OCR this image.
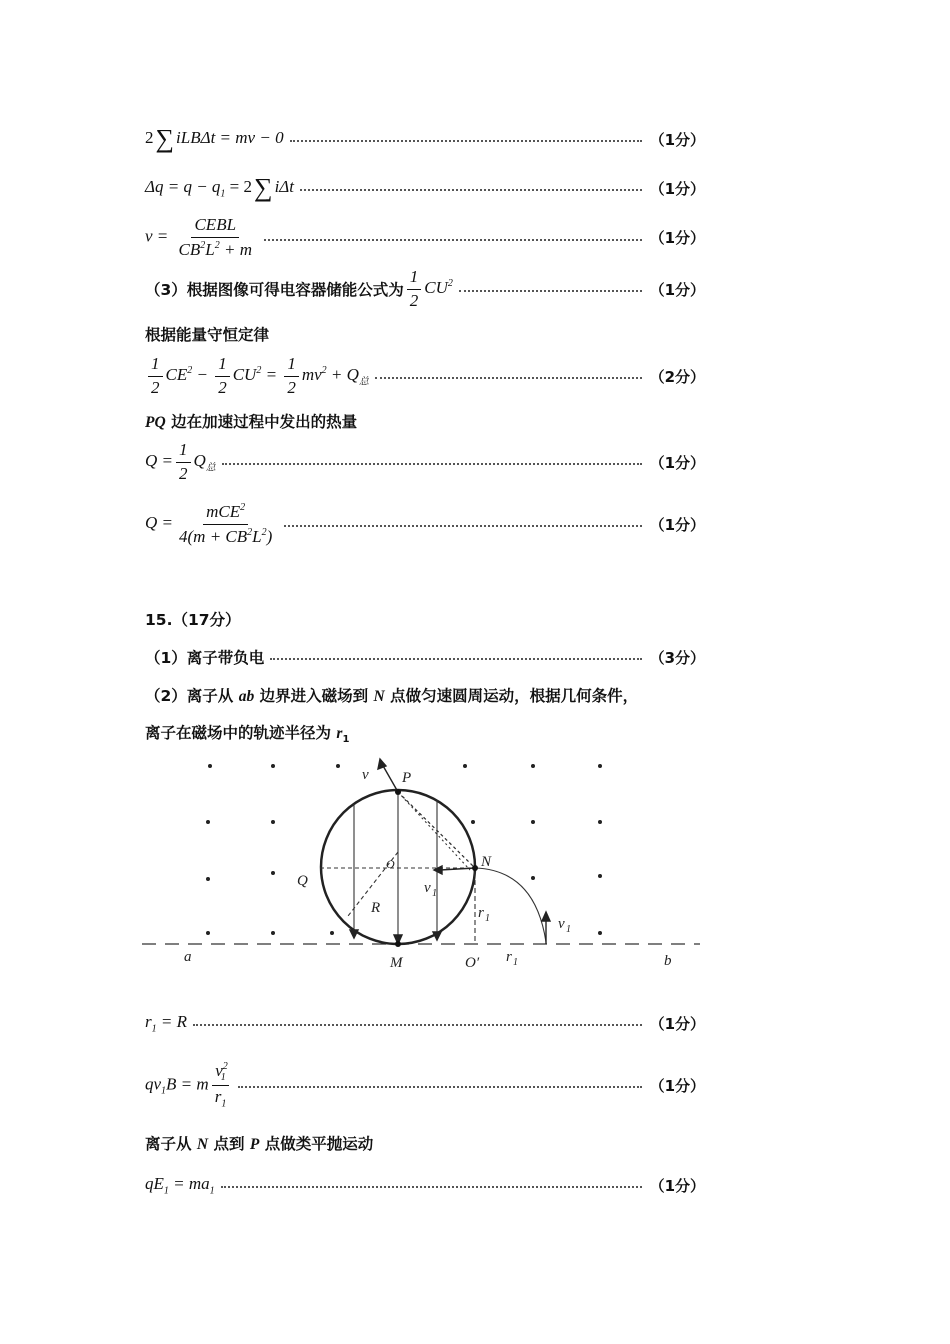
2∑ iLBΔt = mv − 0	（1分）
$\Delta q = q - q_1 = 2\sum$ iΔt	（1分）
$v = \frac{\text{CEBL}}{CB^2L^2 + m}$	（1分）
（3）根据图像可得电容器储能公式为 $\frac{1}{2} CU^2$	（1分）
根据能量守恒定律
$\frac{1}{2} CE^2 - \frac{1}{2} CU^2 = \frac{1}{2} mv^2 + Q_总$	（2分）
PQ 边在加速过程中发出的热量
$Q = \frac{1}{2} Q_总$	（1分）
$Q = \frac{mCE^2}{4(m + CB^2L^2)}$	（1分）
15.（17分）
（1）离子带负电	（3分）
（2）离子从 ab 边界进入磁场到 N 点做匀速圆周运动，根据几何条件，
离子在磁场中的轨迹半径为 $r_1$
v P
O	N
Q
R
v 1
r 1	v 1
M	O′ r 1
a	b
$r_1 = R$	（1分）
$qv_1B = m \frac{v^2_1}{r_1}$	（1分）
离子从 N 点到 P 点做类平抛运动
$qE_1 = ma_1$	（1分）
